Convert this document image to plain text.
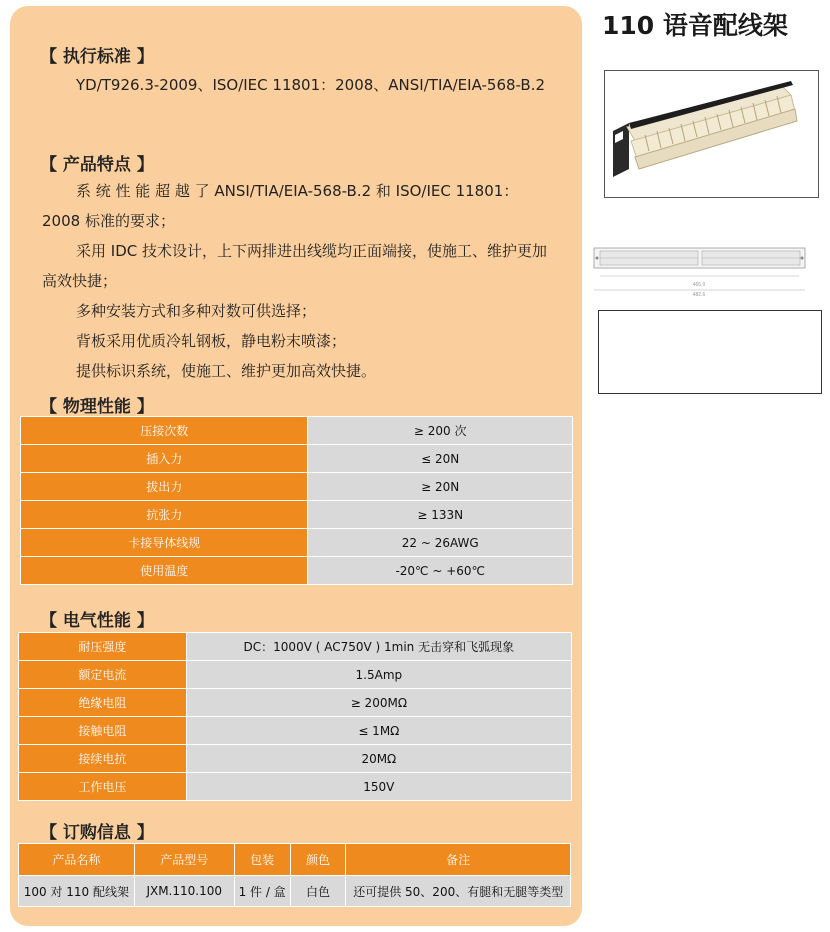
110 语音配线架
【 执行标准 】
YD/T926.3-2009、ISO/IEC 11801：2008、ANSI/TIA/EIA-568-B.2
【 产品特点 】
系 统 性 能 超 越 了 ANSI/TIA/EIA-568-B.2 和 ISO/IEC 11801：2008 标准的要求；
采用 IDC 技术设计，上下两排进出线缆均正面端接，使施工、维护更加高效快捷；
多种安装方式和多种对数可供选择；
背板采用优质冷轧钢板，静电粉末喷漆；
提供标识系统，使施工、维护更加高效快捷。
【 物理性能 】
压接次数	≥ 200 次
插入力	≤ 20N
拔出力	≥ 20N
抗张力	≥ 133N
卡接导体线规	22 ~ 26AWG
使用温度	-20℃ ~ +60℃
【 电气性能 】
耐压强度	DC：1000V ( AC750V ) 1min 无击穿和飞弧现象
额定电流	1.5Amp
绝缘电阻	≥ 200MΩ
接触电阻	≤ 1MΩ
接续电抗	20MΩ
工作电压	150V
【 订购信息 】
产品名称	产品型号	包装	颜色	备注
100 对 110 配线架	JXM.110.100	1 件 / 盒	白色	还可提供 50、200、有腿和无腿等类型
465.0
482.6
